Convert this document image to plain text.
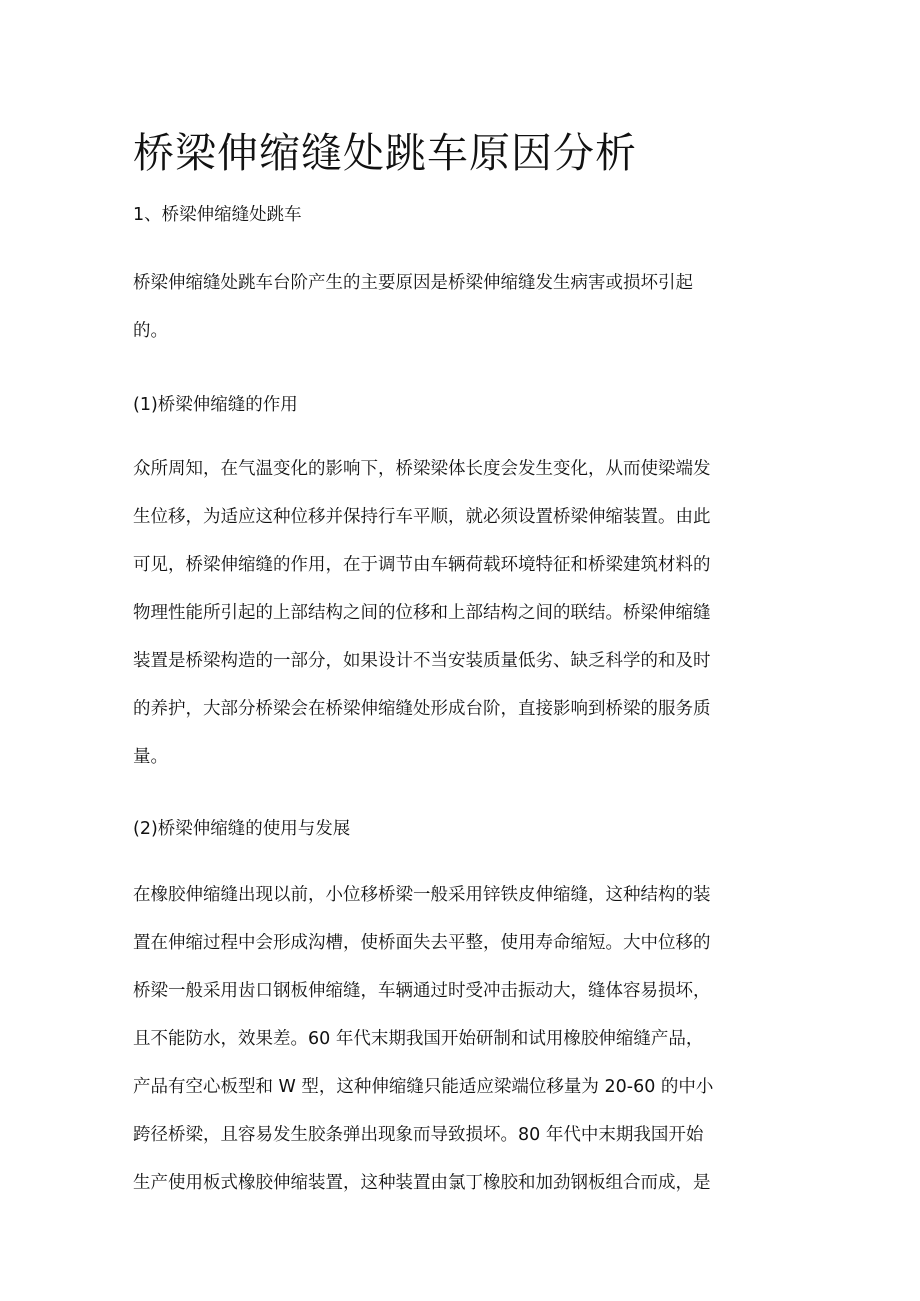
桥梁伸缩缝处跳车原因分析

1、桥梁伸缩缝处跳车

桥梁伸缩缝处跳车台阶产生的主要原因是桥梁伸缩缝发生病害或损坏引起
的。

(1)桥梁伸缩缝的作用

众所周知，在气温变化的影响下，桥梁梁体长度会发生变化，从而使梁端发
生位移，为适应这种位移并保持行车平顺，就必须设置桥梁伸缩装置。由此
可见，桥梁伸缩缝的作用，在于调节由车辆荷载环境特征和桥梁建筑材料的
物理性能所引起的上部结构之间的位移和上部结构之间的联结。桥梁伸缩缝
装置是桥梁构造的一部分，如果设计不当安装质量低劣、缺乏科学的和及时
的养护，大部分桥梁会在桥梁伸缩缝处形成台阶，直接影响到桥梁的服务质
量。

(2)桥梁伸缩缝的使用与发展

在橡胶伸缩缝出现以前，小位移桥梁一般采用锌铁皮伸缩缝，这种结构的装
置在伸缩过程中会形成沟槽，使桥面失去平整，使用寿命缩短。大中位移的
桥梁一般采用齿口钢板伸缩缝，车辆通过时受冲击振动大，缝体容易损坏，
且不能防水，效果差。60 年代末期我国开始研制和试用橡胶伸缩缝产品，
产品有空心板型和 W 型，这种伸缩缝只能适应梁端位移量为 20-60 的中小
跨径桥梁，且容易发生胶条弹出现象而导致损坏。80 年代中末期我国开始
生产使用板式橡胶伸缩装置，这种装置由氯丁橡胶和加劲钢板组合而成，是
